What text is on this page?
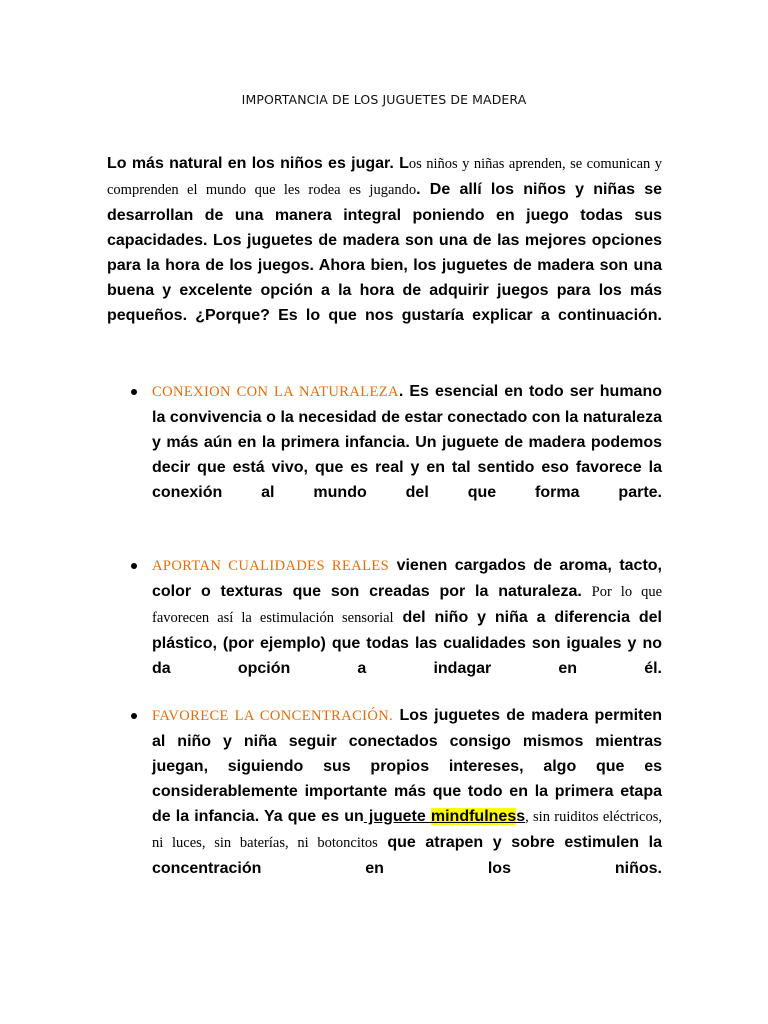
IMPORTANCIA DE LOS JUGUETES DE MADERA
Lo más natural en los niños es jugar. Los niños y niñas aprenden, se comunican y comprenden el mundo que les rodea es jugando. De allí los niños y niñas se desarrollan de una manera integral poniendo en juego todas sus capacidades. Los juguetes de madera son una de las mejores opciones para la hora de los juegos. Ahora bien, los juguetes de madera son una buena y excelente opción a la hora de adquirir juegos para los más pequeños. ¿Porque? Es lo que nos gustaría explicar a continuación.
CONEXION CON LA NATURALEZA. Es esencial en todo ser humano la convivencia o la necesidad de estar conectado con la naturaleza y más aún en la primera infancia. Un juguete de madera podemos decir que está vivo, que es real y en tal sentido eso favorece la conexión al mundo del que forma parte.
APORTAN CUALIDADES REALES vienen cargados de aroma, tacto, color o texturas que son creadas por la naturaleza. Por lo que favorecen así la estimulación sensorial del niño y niña a diferencia del plástico, (por ejemplo) que todas las cualidades son iguales y no da opción a indagar en él.
FAVORECE LA CONCENTRACIÓN. Los juguetes de madera permiten al niño y niña seguir conectados consigo mismos mientras juegan, siguiendo sus propios intereses, algo que es considerablemente importante más que todo en la primera etapa de la infancia. Ya que es un juguete mindfulness, sin ruiditos eléctricos, ni luces, sin baterías, ni botoncitos que atrapen y sobre estimulen la concentración en los niños.
